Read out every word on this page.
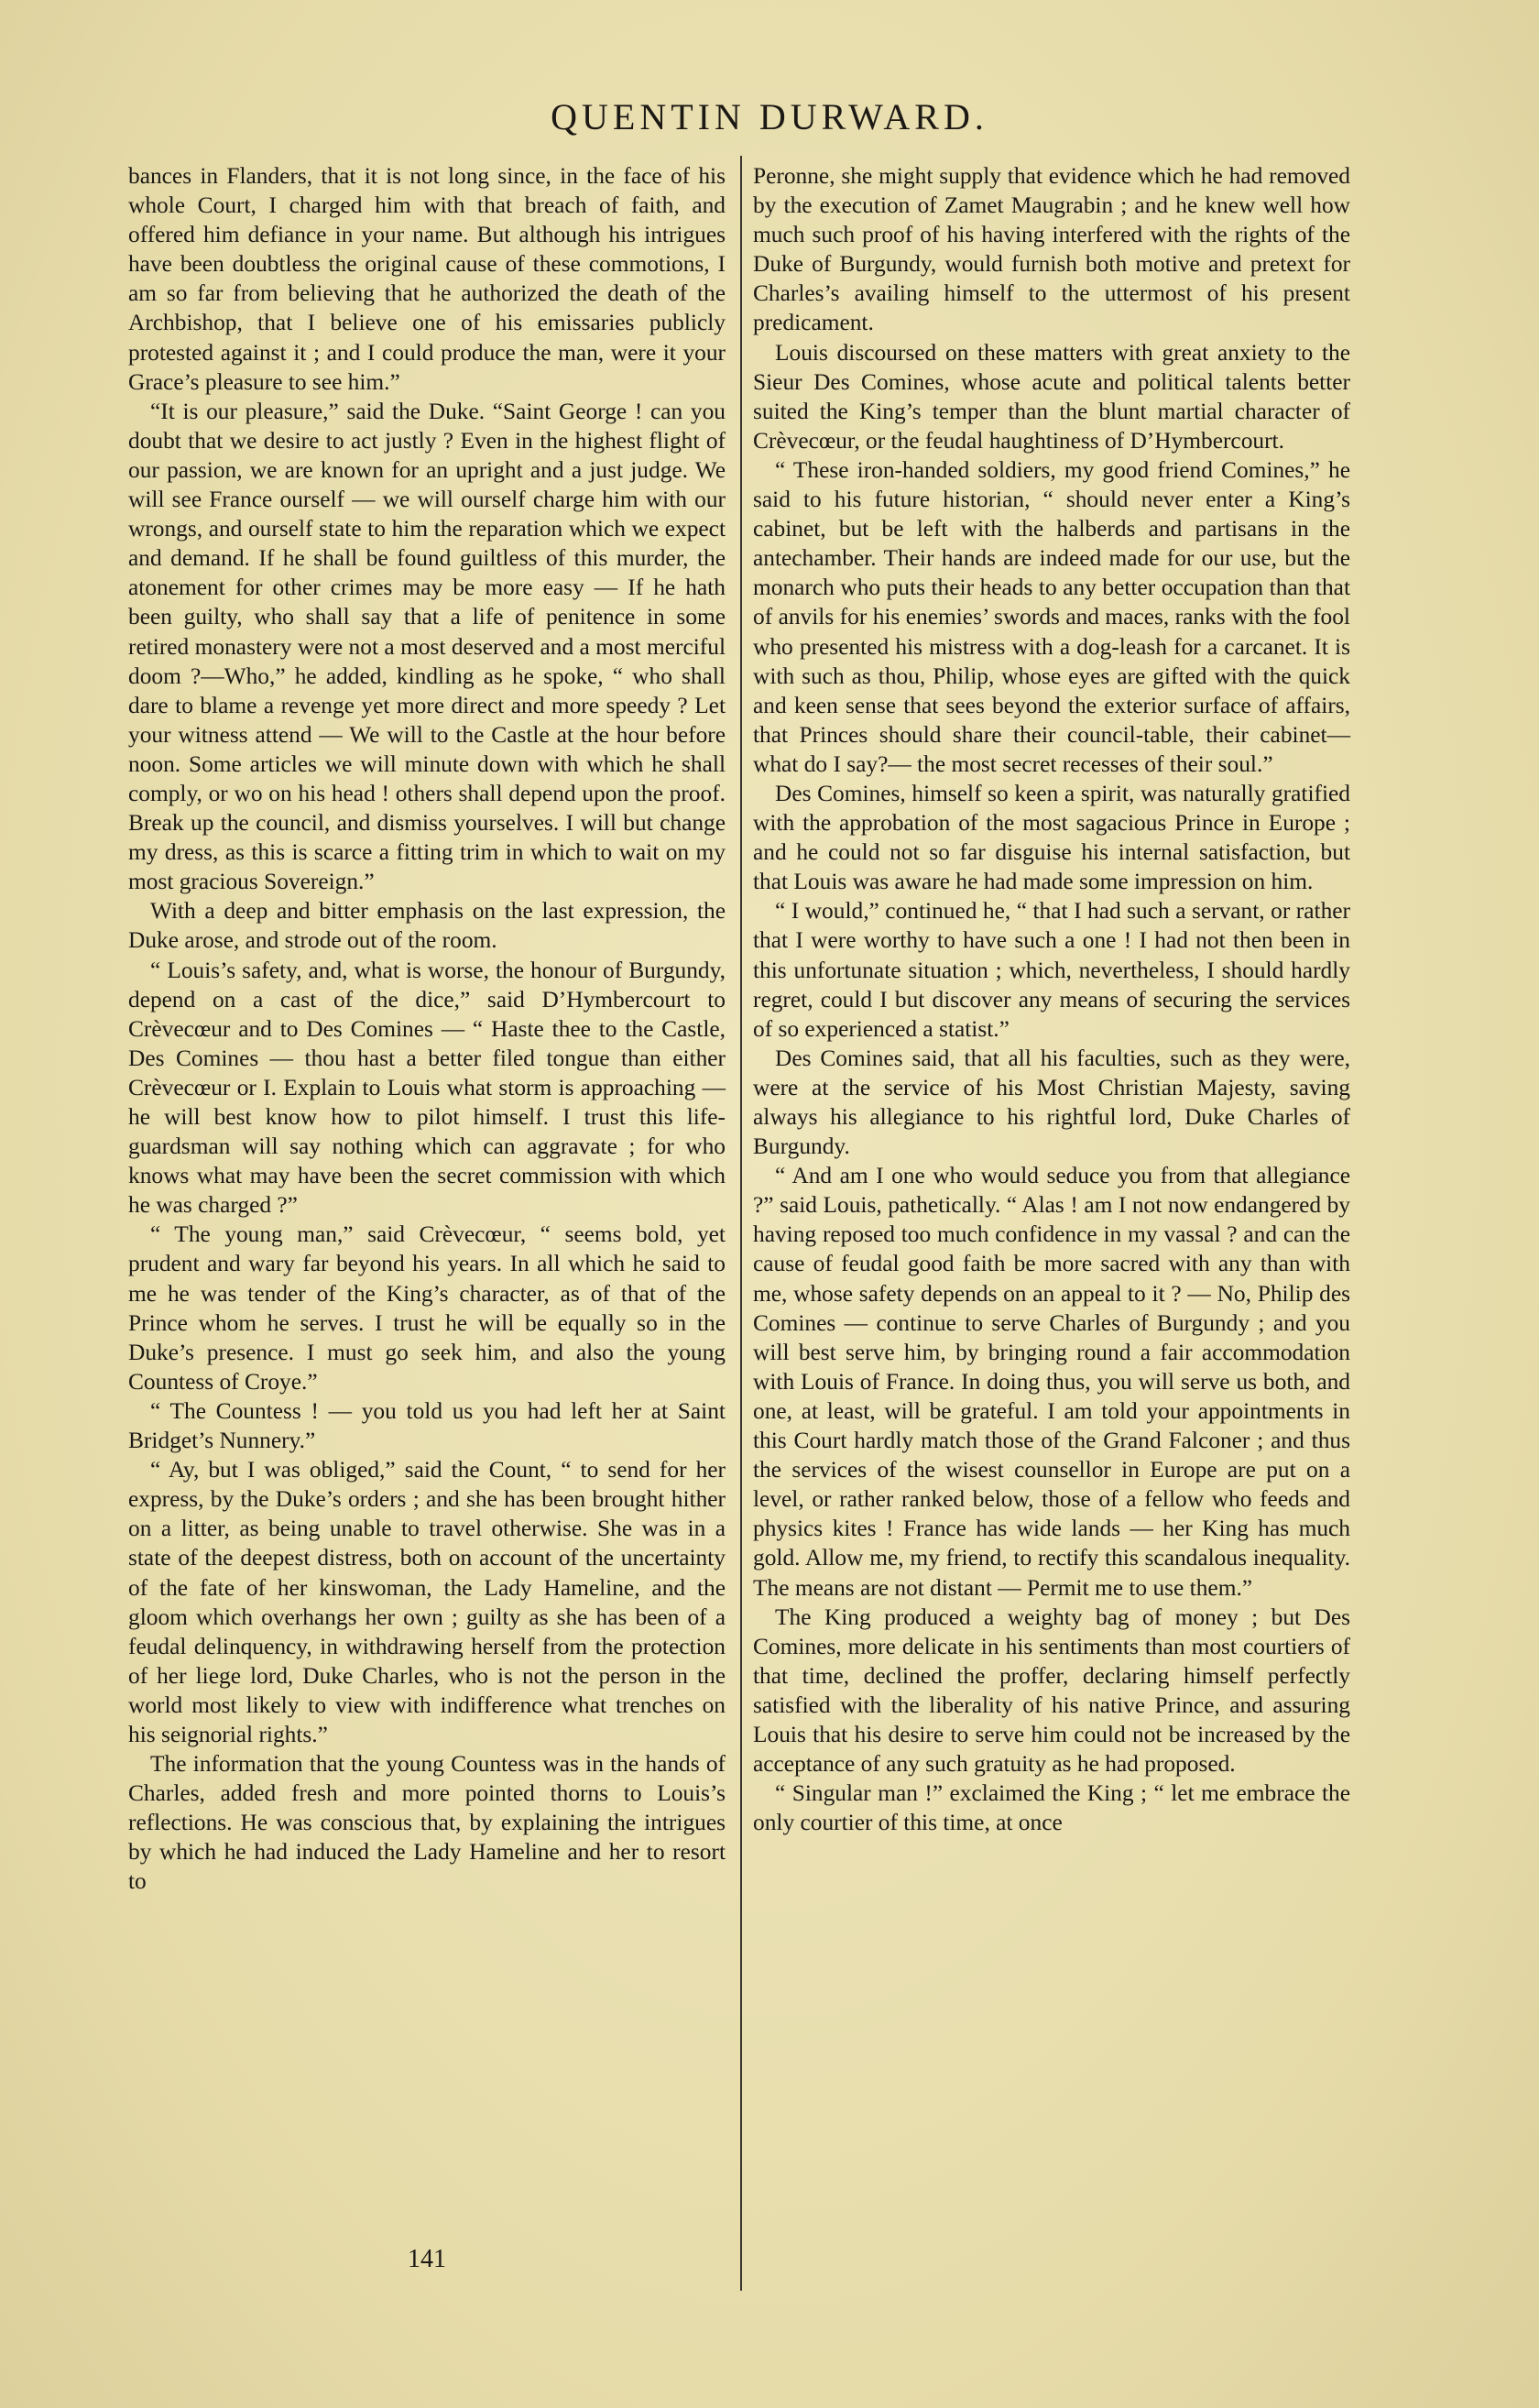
QUENTIN DURWARD.

bances in Flanders, that it is not long since, in the face of his whole Court, I charged him with that breach of faith, and offered him defiance in your name. But although his intrigues have been doubtless the original cause of these commotions, I am so far from believing that he authorized the death of the Archbishop, that I believe one of his emissaries publicly protested against it ; and I could produce the man, were it your Grace’s pleasure to see him.”

“It is our pleasure,” said the Duke. “Saint George ! can you doubt that we desire to act justly ? Even in the highest flight of our passion, we are known for an upright and a just judge. We will see France ourself — we will ourself charge him with our wrongs, and ourself state to him the reparation which we expect and demand. If he shall be found guiltless of this murder, the atonement for other crimes may be more easy — If he hath been guilty, who shall say that a life of penitence in some retired monastery were not a most deserved and a most merciful doom ?—Who,” he added, kindling as he spoke, “ who shall dare to blame a revenge yet more direct and more speedy ? Let your witness attend — We will to the Castle at the hour before noon. Some articles we will minute down with which he shall comply, or wo on his head ! others shall depend upon the proof. Break up the council, and dismiss yourselves. I will but change my dress, as this is scarce a fitting trim in which to wait on my most gracious Sovereign.”

With a deep and bitter emphasis on the last expression, the Duke arose, and strode out of the room.

“ Louis’s safety, and, what is worse, the honour of Burgundy, depend on a cast of the dice,” said D’Hymbercourt to Crèvecœur and to Des Comines — “ Haste thee to the Castle, Des Comines — thou hast a better filed tongue than either Crèvecœur or I. Explain to Louis what storm is approaching — he will best know how to pilot himself. I trust this life-guardsman will say nothing which can aggravate ; for who knows what may have been the secret commission with which he was charged ?”

“ The young man,” said Crèvecœur, “ seems bold, yet prudent and wary far beyond his years. In all which he said to me he was tender of the King’s character, as of that of the Prince whom he serves. I trust he will be equally so in the Duke’s presence. I must go seek him, and also the young Countess of Croye.”

“ The Countess ! — you told us you had left her at Saint Bridget’s Nunnery.”

“ Ay, but I was obliged,” said the Count, “ to send for her express, by the Duke’s orders ; and she has been brought hither on a litter, as being unable to travel otherwise. She was in a state of the deepest distress, both on account of the uncertainty of the fate of her kinswoman, the Lady Hameline, and the gloom which overhangs her own ; guilty as she has been of a feudal delinquency, in withdrawing herself from the protection of her liege lord, Duke Charles, who is not the person in the world most likely to view with indifference what trenches on his seignorial rights.”

The information that the young Countess was in the hands of Charles, added fresh and more pointed thorns to Louis’s reflections. He was conscious that, by explaining the intrigues by which he had induced the Lady Hameline and her to resort to

Peronne, she might supply that evidence which he had removed by the execution of Zamet Maugrabin ; and he knew well how much such proof of his having interfered with the rights of the Duke of Burgundy, would furnish both motive and pretext for Charles’s availing himself to the uttermost of his present predicament.

Louis discoursed on these matters with great anxiety to the Sieur Des Comines, whose acute and political talents better suited the King’s temper than the blunt martial character of Crèvecœur, or the feudal haughtiness of D’Hymbercourt.

“ These iron-handed soldiers, my good friend Comines,” he said to his future historian, “ should never enter a King’s cabinet, but be left with the halberds and partisans in the antechamber. Their hands are indeed made for our use, but the monarch who puts their heads to any better occupation than that of anvils for his enemies’ swords and maces, ranks with the fool who presented his mistress with a dog-leash for a carcanet. It is with such as thou, Philip, whose eyes are gifted with the quick and keen sense that sees beyond the exterior surface of affairs, that Princes should share their council-table, their cabinet—what do I say?— the most secret recesses of their soul.”

Des Comines, himself so keen a spirit, was naturally gratified with the approbation of the most sagacious Prince in Europe ; and he could not so far disguise his internal satisfaction, but that Louis was aware he had made some impression on him.

“ I would,” continued he, “ that I had such a servant, or rather that I were worthy to have such a one ! I had not then been in this unfortunate situation ; which, nevertheless, I should hardly regret, could I but discover any means of securing the services of so experienced a statist.”

Des Comines said, that all his faculties, such as they were, were at the service of his Most Christian Majesty, saving always his allegiance to his rightful lord, Duke Charles of Burgundy.

“ And am I one who would seduce you from that allegiance ?” said Louis, pathetically. “ Alas ! am I not now endangered by having reposed too much confidence in my vassal ? and can the cause of feudal good faith be more sacred with any than with me, whose safety depends on an appeal to it ? — No, Philip des Comines — continue to serve Charles of Burgundy ; and you will best serve him, by bringing round a fair accommodation with Louis of France. In doing thus, you will serve us both, and one, at least, will be grateful. I am told your appointments in this Court hardly match those of the Grand Falconer ; and thus the services of the wisest counsellor in Europe are put on a level, or rather ranked below, those of a fellow who feeds and physics kites ! France has wide lands — her King has much gold. Allow me, my friend, to rectify this scandalous inequality. The means are not distant — Permit me to use them.”

The King produced a weighty bag of money ; but Des Comines, more delicate in his sentiments than most courtiers of that time, declined the proffer, declaring himself perfectly satisfied with the liberality of his native Prince, and assuring Louis that his desire to serve him could not be increased by the acceptance of any such gratuity as he had proposed.

“ Singular man !” exclaimed the King ; “ let me embrace the only courtier of this time, at once

141
